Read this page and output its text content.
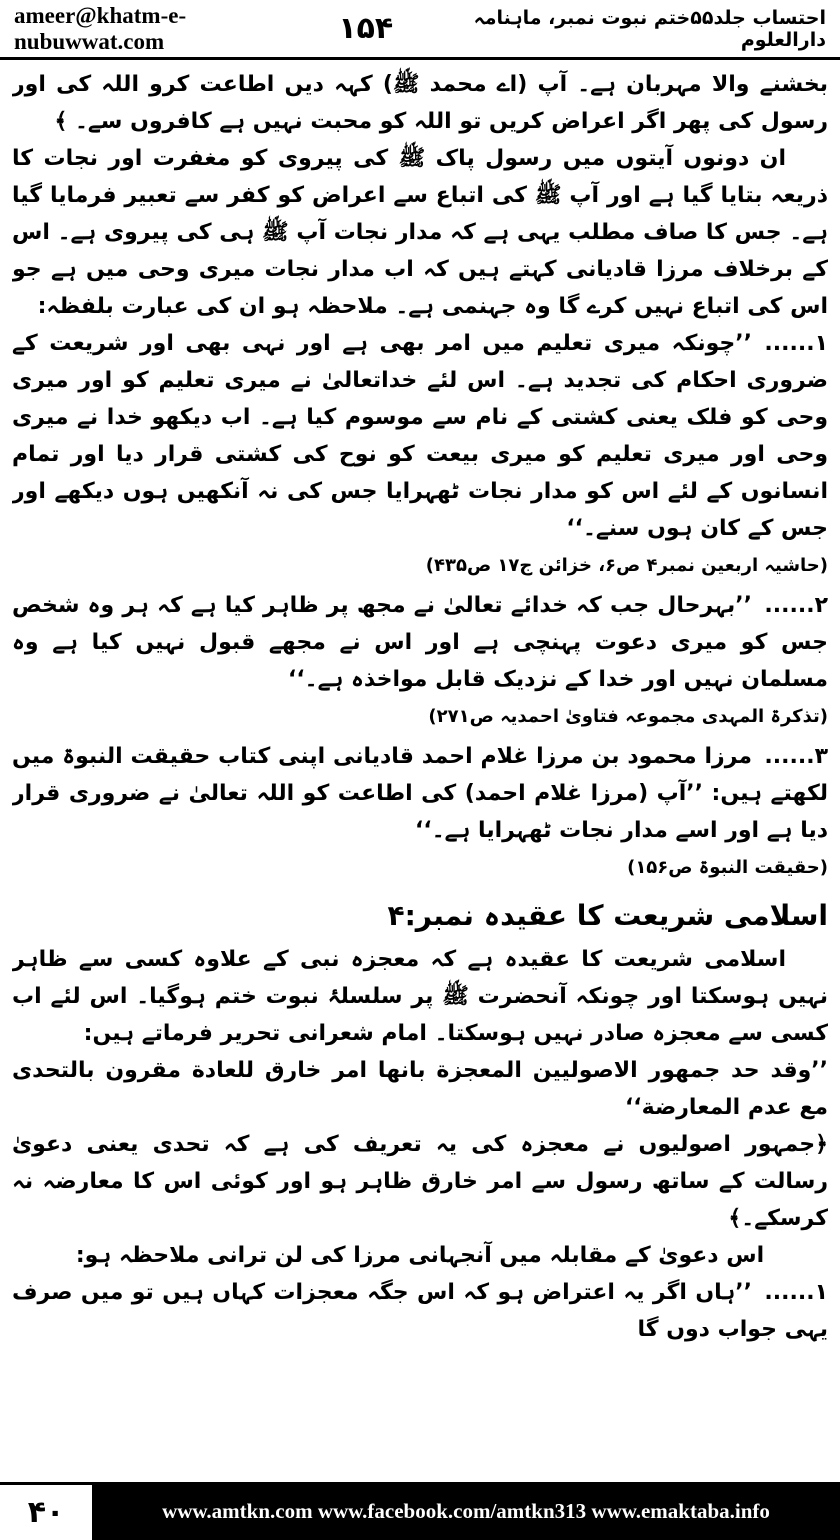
ameer@khatm-e-nubuwwat.com	۱۵۴	احتساب جلد۵۵ختم نبوت نمبر، ماہنامہ دارالعلوم

بخشنے والا مہربان ہے۔ آپ (اے محمد ﷺ) کہہ دیں اطاعت کرو اللہ کی اور رسول کی پھر اگر اعراض کریں تو اللہ کو محبت نہیں ہے کافروں سے۔ ﴾

ان دونوں آیتوں میں رسول پاک ﷺ کی پیروی کو مغفرت اور نجات کا ذریعہ بتایا گیا ہے اور آپ ﷺ کی اتباع سے اعراض کو کفر سے تعبیر فرمایا گیا ہے۔ جس کا صاف مطلب یہی ہے کہ مدار نجات آپ ﷺ ہی کی پیروی ہے۔ اس کے برخلاف مرزا قادیانی کہتے ہیں کہ اب مدار نجات میری وحی میں ہے جو اس کی اتباع نہیں کرے گا وہ جہنمی ہے۔ ملاحظہ ہو ان کی عبارت بلفظہ:

۱......’’چونکہ میری تعلیم میں امر بھی ہے اور نہی بھی اور شریعت کے ضروری احکام کی تجدید ہے۔ اس لئے خداتعالیٰ نے میری تعلیم کو اور میری وحی کو فلک یعنی کشتی کے نام سے موسوم کیا ہے۔ اب دیکھو خدا نے میری وحی اور میری تعلیم کو میری بیعت کو نوح کی کشتی قرار دیا اور تمام انسانوں کے لئے اس کو مدار نجات ٹھہرایا جس کی نہ آنکھیں ہوں دیکھے اور جس کے کان ہوں سنے۔‘‘

(حاشیہ اربعین نمبر۴ ص۶، خزائن ج۱۷ ص۴۳۵)

۲......’’بہرحال جب کہ خدائے تعالیٰ نے مجھ پر ظاہر کیا ہے کہ ہر وہ شخص جس کو میری دعوت پہنچی ہے اور اس نے مجھے قبول نہیں کیا ہے وہ مسلمان نہیں اور خدا کے نزدیک قابل مواخذہ ہے۔‘‘

(تذکرۃ المہدی مجموعہ فتاویٰ احمدیہ ص۲۷۱)

۳......مرزا محمود بن مرزا غلام احمد قادیانی اپنی کتاب حقیقت النبوۃ میں لکھتے ہیں: ’’آپ (مرزا غلام احمد) کی اطاعت کو اللہ تعالیٰ نے ضروری قرار دیا ہے اور اسے مدار نجات ٹھہرایا ہے۔‘‘

(حقیقت النبوۃ ص۱۵۶)

اسلامی شریعت کا عقیدہ نمبر:۴

اسلامی شریعت کا عقیدہ ہے کہ معجزہ نبی کے علاوہ کسی سے ظاہر نہیں ہوسکتا اور چونکہ آنحضرت ﷺ پر سلسلۂ نبوت ختم ہوگیا۔ اس لئے اب کسی سے معجزہ صادر نہیں ہوسکتا۔ امام شعرانی تحریر فرماتے ہیں:

’’وقد حد جمهور الاصوليين المعجزة بانها امر خارق للعادة مقرون بالتحدی مع عدم المعارضة‘‘

﴿جمہور اصولیوں نے معجزہ کی یہ تعریف کی ہے کہ تحدی یعنی دعویٰ رسالت کے ساتھ رسول سے امر خارق ظاہر ہو اور کوئی اس کا معارضہ نہ کرسکے۔﴾

اس دعویٰ کے مقابلہ میں آنجہانی مرزا کی لن ترانی ملاحظہ ہو:

۱......’’ہاں اگر یہ اعتراض ہو کہ اس جگہ معجزات کہاں ہیں تو میں صرف یہی جواب دوں گا

۴۰	www.amtkn.com www.facebook.com/amtkn313 www.emaktaba.info
